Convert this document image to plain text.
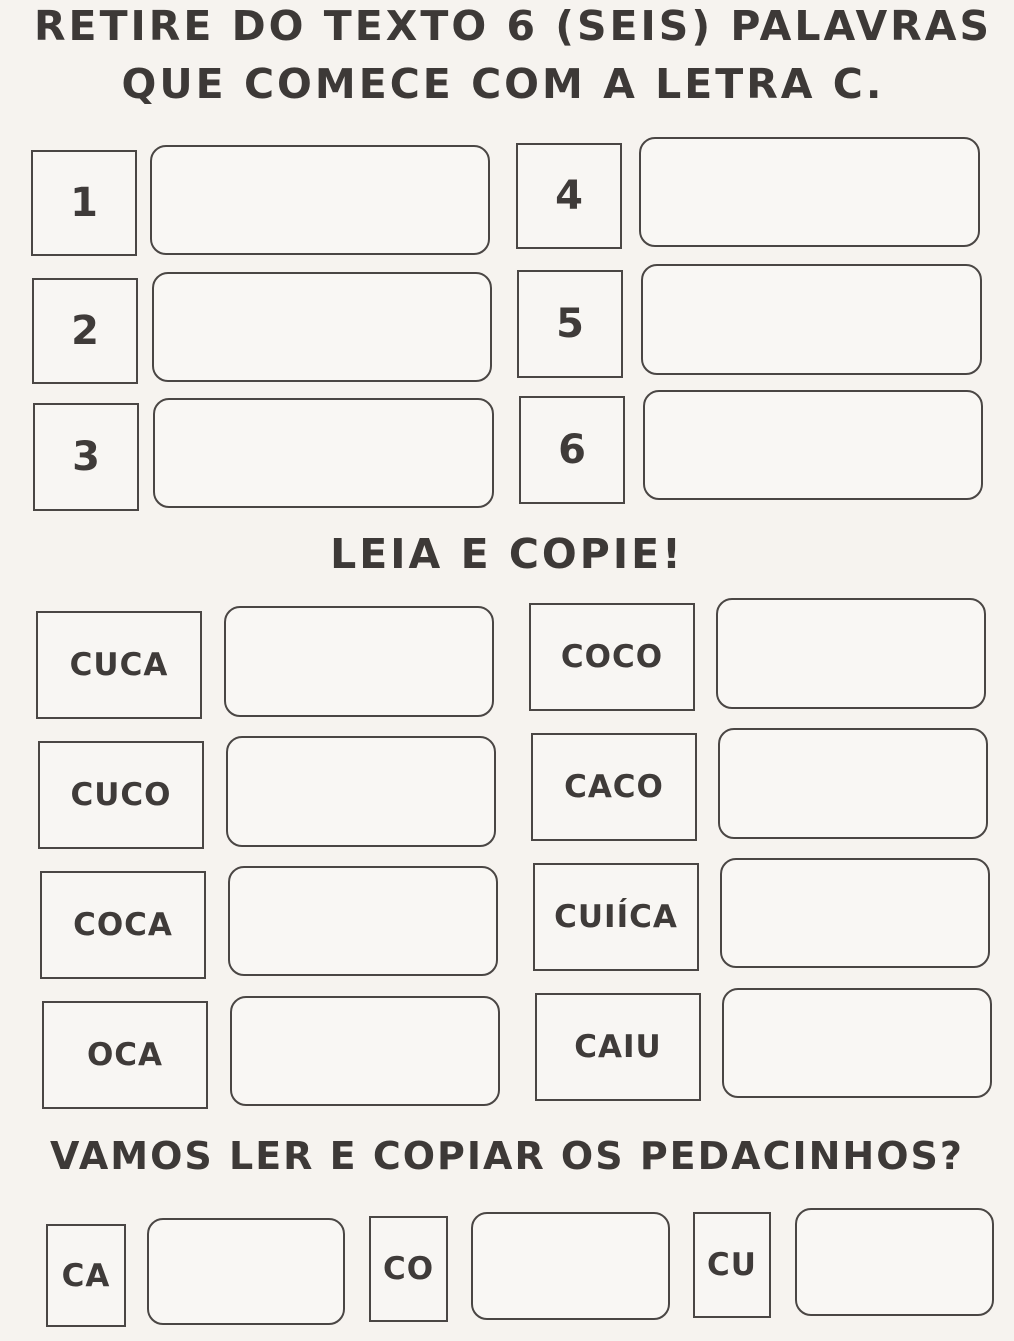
RETIRE DO TEXTO 6 (SEIS) PALAVRAS
QUE COMECE COM A LETRA C.
1
2
3
4
5
6
LEIA E COPIE!
CUCA
CUCO
COCA
OCA
COCO
CACO
CUIÍCA
CAIU
VAMOS LER E COPIAR OS PEDACINHOS?
CA	CO	CU
